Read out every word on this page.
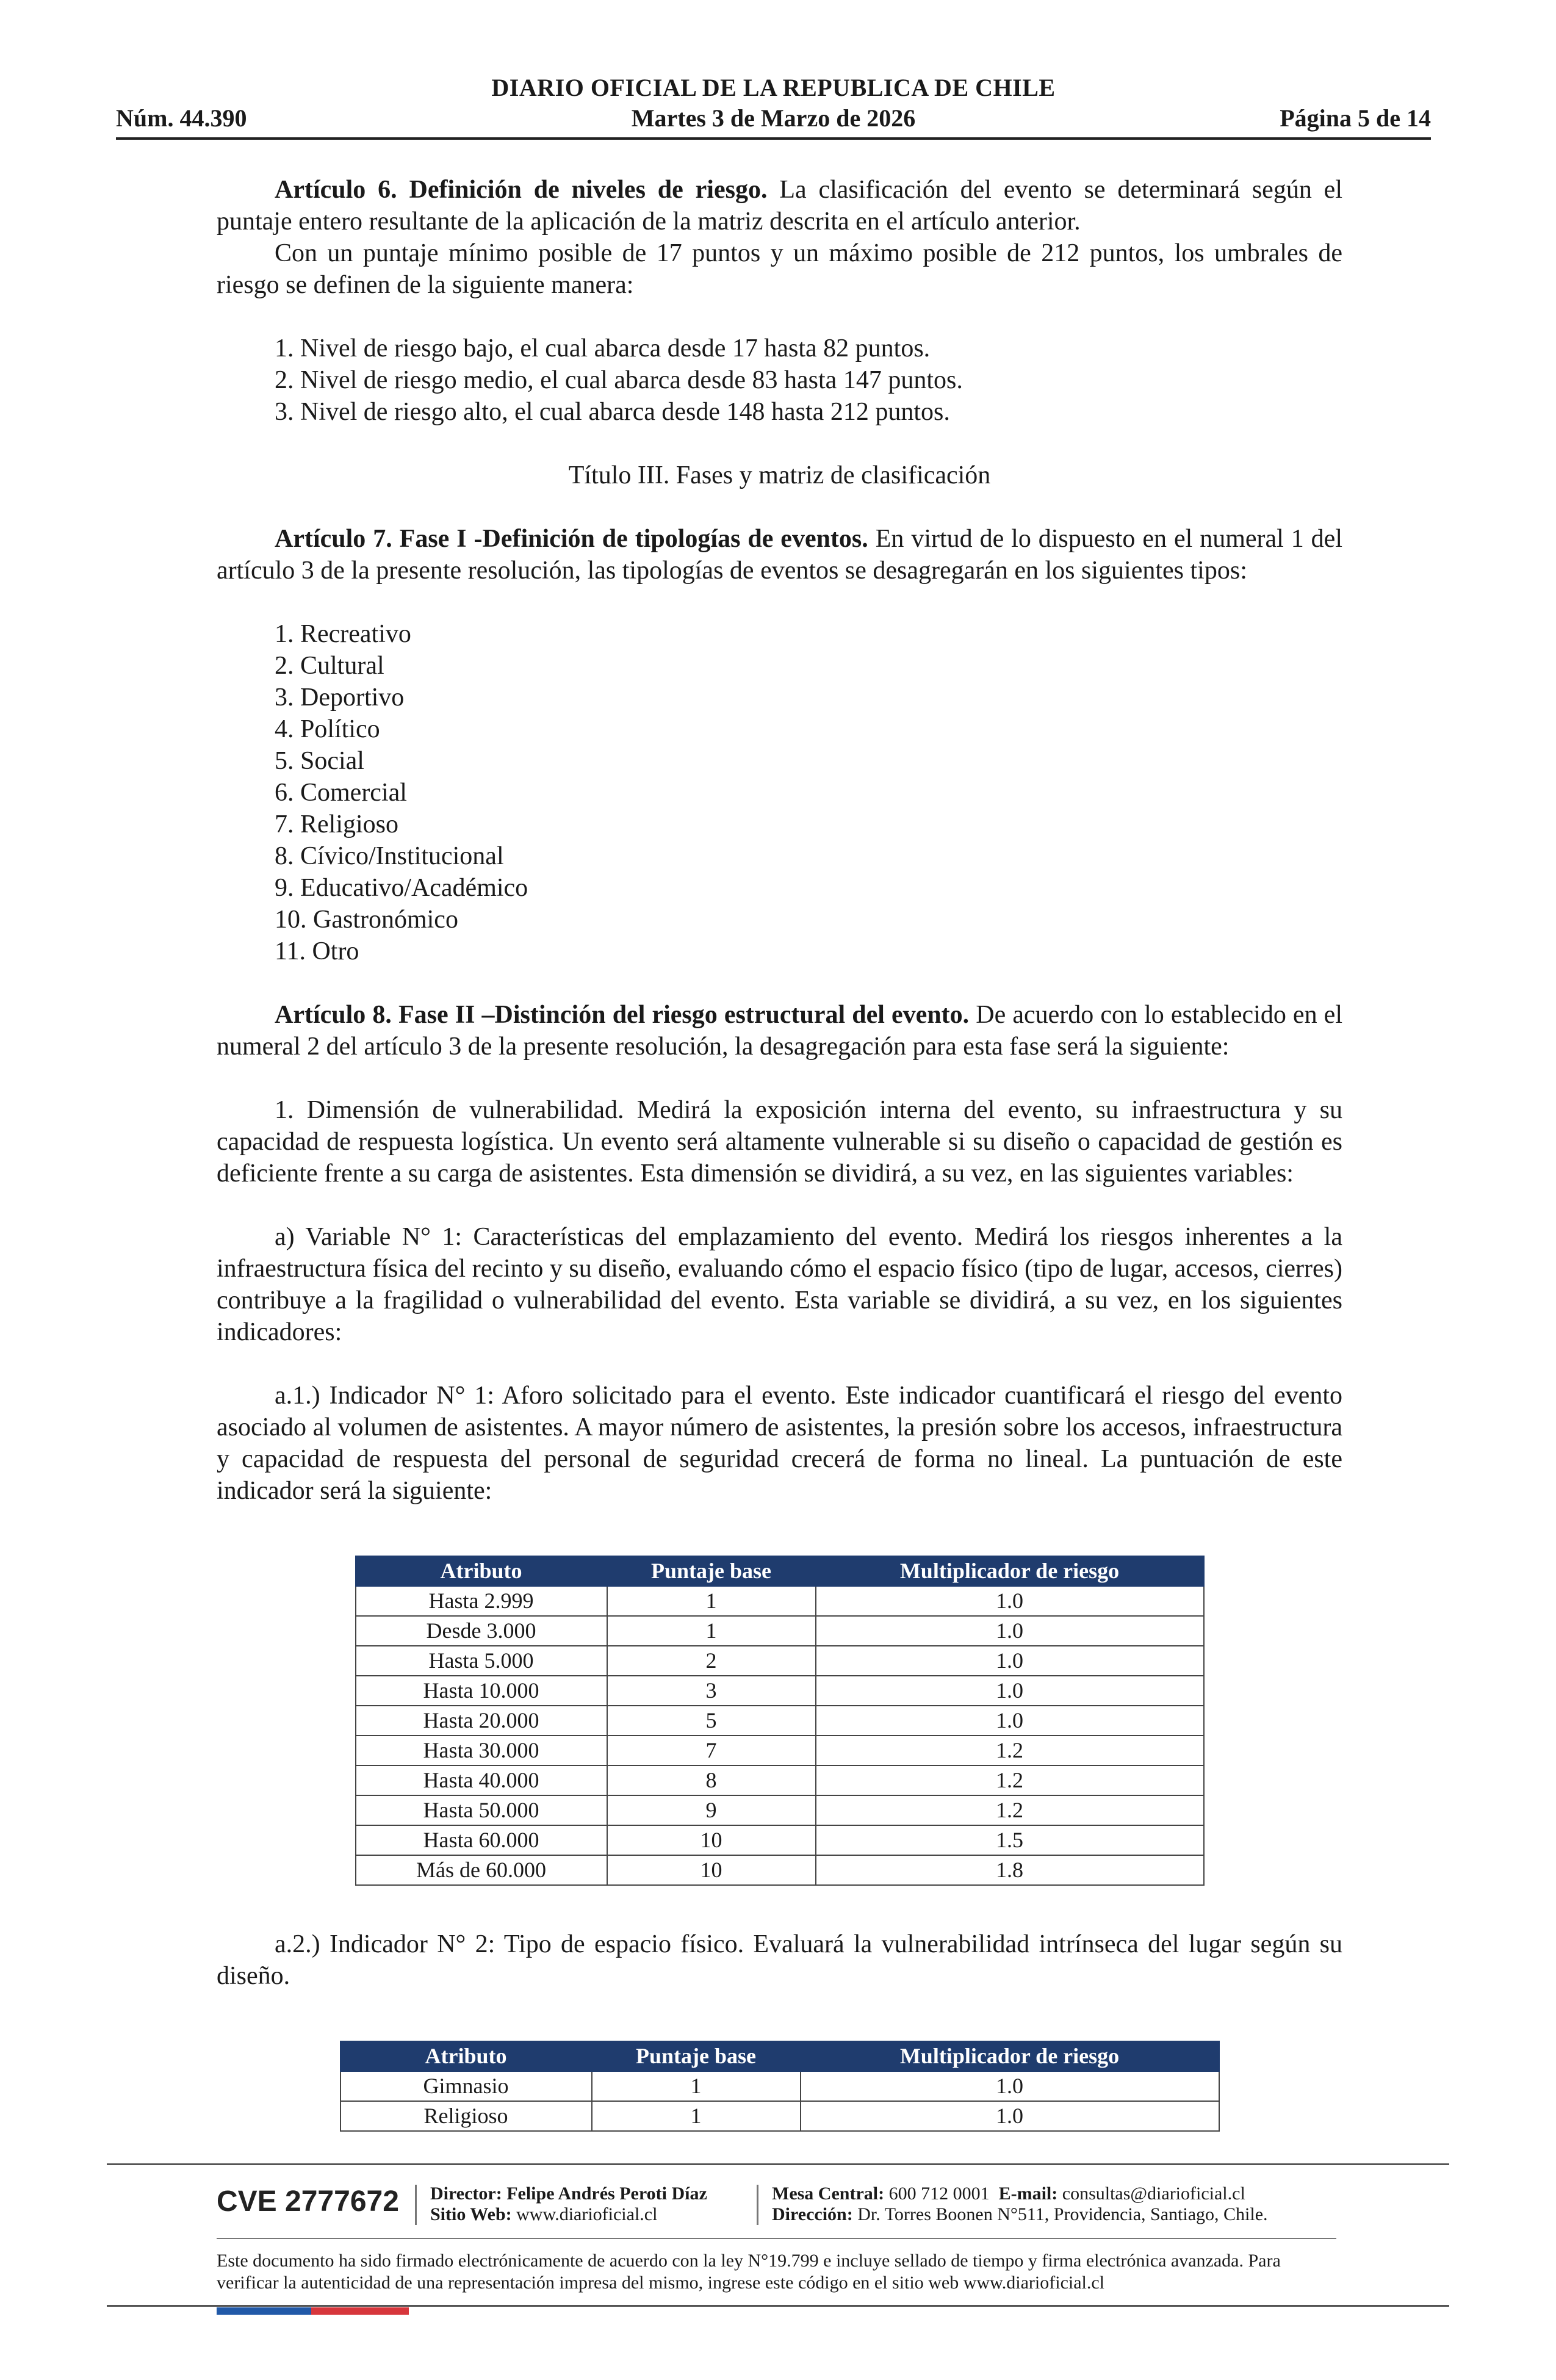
DIARIO OFICIAL DE LA REPUBLICA DE CHILE
Núm. 44.390	Martes 3 de Marzo de 2026	Página 5 de 14

Artículo 6. Definición de niveles de riesgo. La clasificación del evento se determinará según el puntaje entero resultante de la aplicación de la matriz descrita en el artículo anterior.

Con un puntaje mínimo posible de 17 puntos y un máximo posible de 212 puntos, los umbrales de riesgo se definen de la siguiente manera:

1. Nivel de riesgo bajo, el cual abarca desde 17 hasta 82 puntos.
2. Nivel de riesgo medio, el cual abarca desde 83 hasta 147 puntos.
3. Nivel de riesgo alto, el cual abarca desde 148 hasta 212 puntos.

Título III. Fases y matriz de clasificación

Artículo 7. Fase I -Definición de tipologías de eventos. En virtud de lo dispuesto en el numeral 1 del artículo 3 de la presente resolución, las tipologías de eventos se desagregarán en los siguientes tipos:

1. Recreativo
2. Cultural
3. Deportivo
4. Político
5. Social
6. Comercial
7. Religioso
8. Cívico/Institucional
9. Educativo/Académico
10. Gastronómico
11. Otro

Artículo 8. Fase II –Distinción del riesgo estructural del evento. De acuerdo con lo establecido en el numeral 2 del artículo 3 de la presente resolución, la desagregación para esta fase será la siguiente:

1. Dimensión de vulnerabilidad. Medirá la exposición interna del evento, su infraestructura y su capacidad de respuesta logística. Un evento será altamente vulnerable si su diseño o capacidad de gestión es deficiente frente a su carga de asistentes. Esta dimensión se dividirá, a su vez, en las siguientes variables:

a) Variable N° 1: Características del emplazamiento del evento. Medirá los riesgos inherentes a la infraestructura física del recinto y su diseño, evaluando cómo el espacio físico (tipo de lugar, accesos, cierres) contribuye a la fragilidad o vulnerabilidad del evento. Esta variable se dividirá, a su vez, en los siguientes indicadores:

a.1.) Indicador N° 1: Aforo solicitado para el evento. Este indicador cuantificará el riesgo del evento asociado al volumen de asistentes. A mayor número de asistentes, la presión sobre los accesos, infraestructura y capacidad de respuesta del personal de seguridad crecerá de forma no lineal. La puntuación de este indicador será la siguiente:

Atributo	Puntaje base	Multiplicador de riesgo
Hasta 2.999	1	1.0
Desde 3.000	1	1.0
Hasta 5.000	2	1.0
Hasta 10.000	3	1.0
Hasta 20.000	5	1.0
Hasta 30.000	7	1.2
Hasta 40.000	8	1.2
Hasta 50.000	9	1.2
Hasta 60.000	10	1.5
Más de 60.000	10	1.8

a.2.) Indicador N° 2: Tipo de espacio físico. Evaluará la vulnerabilidad intrínseca del lugar según su diseño.

Atributo	Puntaje base	Multiplicador de riesgo
Gimnasio	1	1.0
Religioso	1	1.0
CVE 2777672 Director: Felipe Andrés Peroti Díaz
Sitio Web: www.diarioficial.cl
Mesa Central: 600 712 0001 E-mail: consultas@diarioficial.cl
Dirección: Dr. Torres Boonen N°511, Providencia, Santiago, Chile.
Este documento ha sido firmado electrónicamente de acuerdo con la ley N°19.799 e incluye sellado de tiempo y firma electrónica avanzada. Para verificar la autenticidad de una representación impresa del mismo, ingrese este código en el sitio web www.diarioficial.cl
